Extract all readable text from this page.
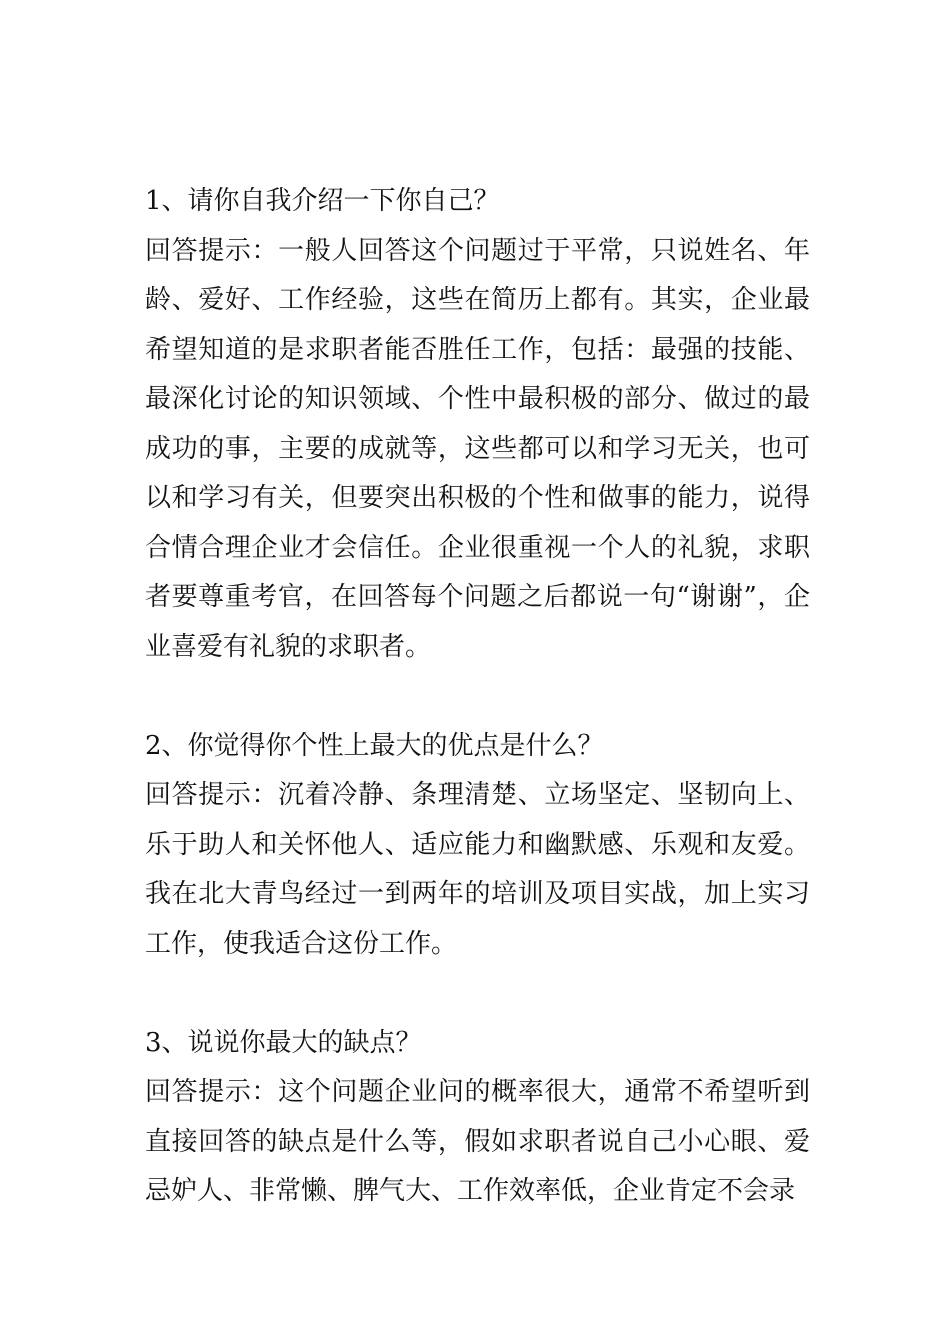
1、请你自我介绍一下你自己？

回答提示：一般人回答这个问题过于平常，只说姓名、年龄、爱好、工作经验，这些在简历上都有。其实，企业最希望知道的是求职者能否胜任工作，包括：最强的技能、最深化讨论的知识领域、个性中最积极的部分、做过的最成功的事，主要的成就等，这些都可以和学习无关，也可以和学习有关，但要突出积极的个性和做事的能力，说得合情合理企业才会信任。企业很重视一个人的礼貌，求职者要尊重考官，在回答每个问题之后都说一句“谢谢”，企业喜爱有礼貌的求职者。

2、你觉得你个性上最大的优点是什么？

回答提示：沉着冷静、条理清楚、立场坚定、坚韧向上、乐于助人和关怀他人、适应能力和幽默感、乐观和友爱。我在北大青鸟经过一到两年的培训及项目实战，加上实习工作，使我适合这份工作。

3、说说你最大的缺点？

回答提示：这个问题企业问的概率很大，通常不希望听到直接回答的缺点是什么等，假如求职者说自己小心眼、爱忌妒人、非常懒、脾气大、工作效率低，企业肯定不会录
